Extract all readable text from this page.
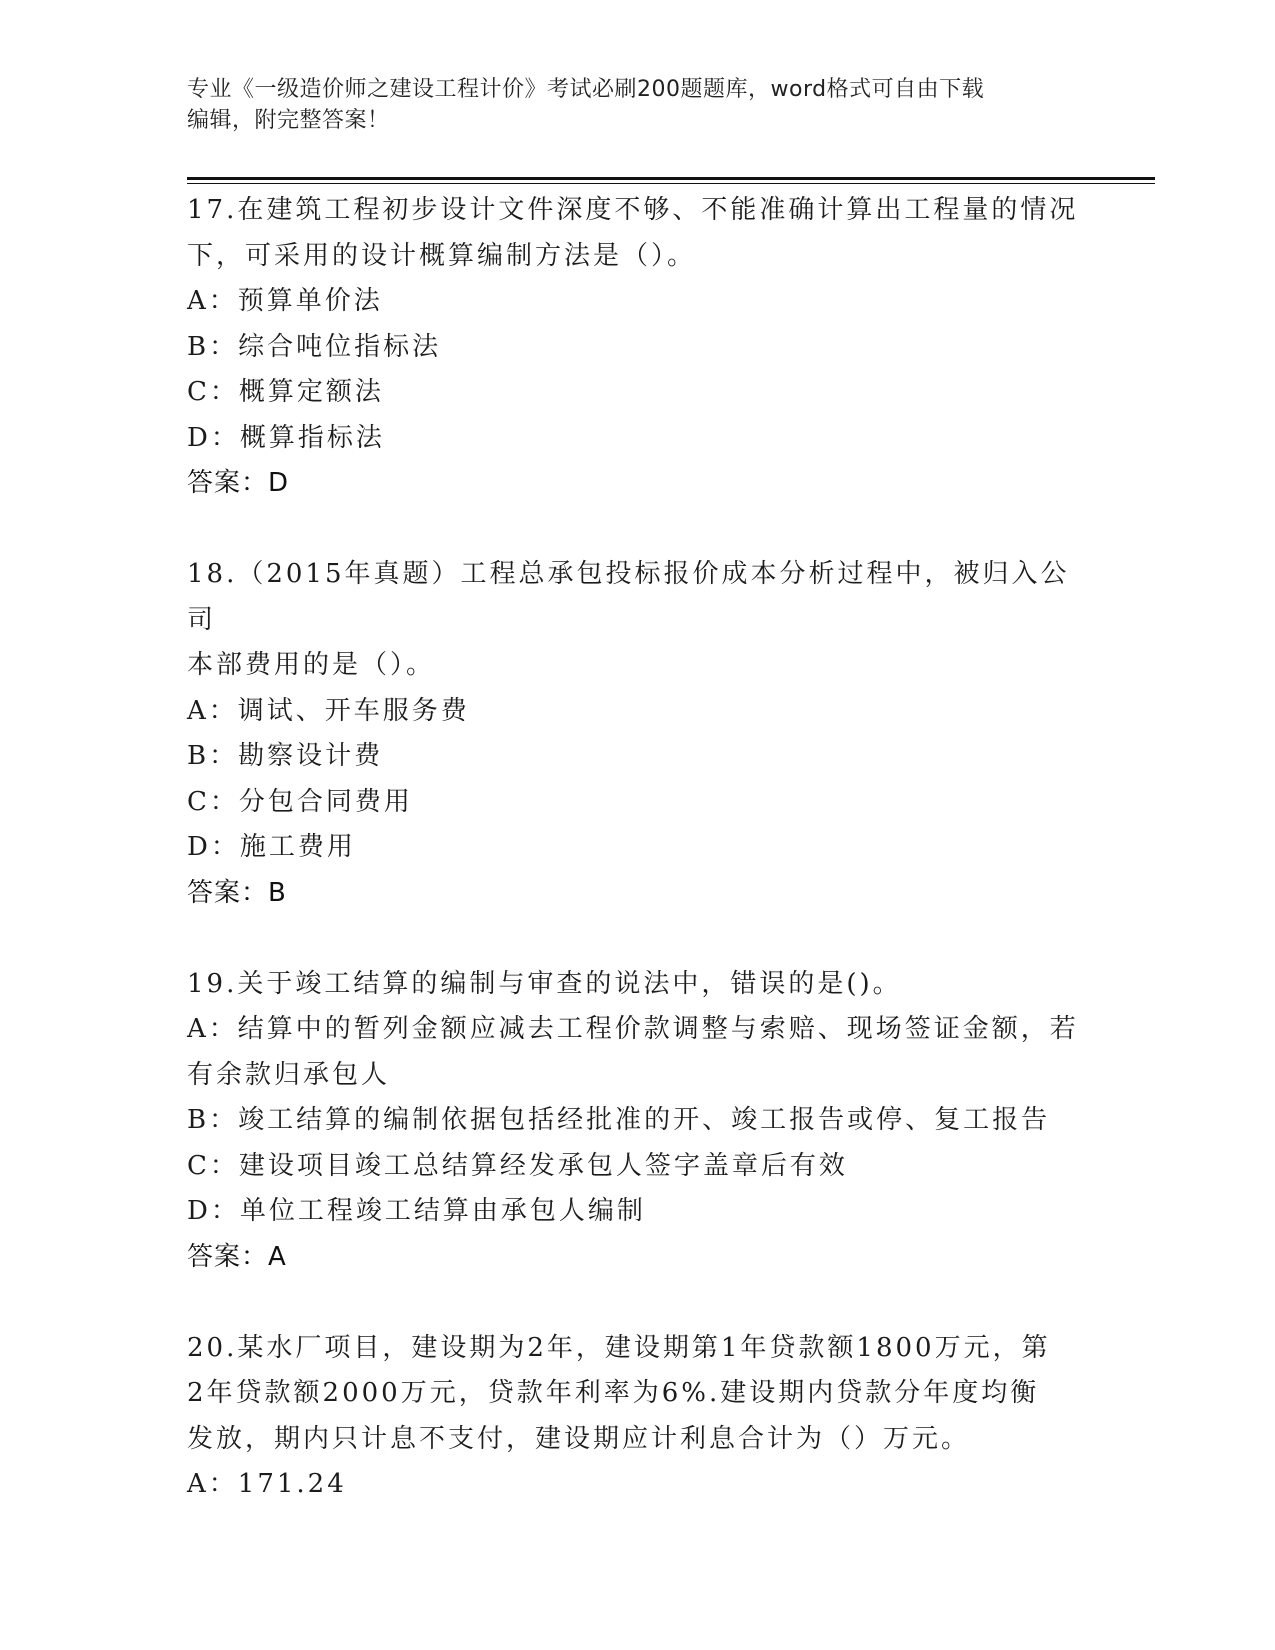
专业《一级造价师之建设工程计价》考试必刷200题题库，word格式可自由下载
编辑，附完整答案！
17.在建筑工程初步设计文件深度不够、不能准确计算出工程量的情况
下，可采用的设计概算编制方法是（）。
A：预算单价法
B：综合吨位指标法
C：概算定额法
D：概算指标法
答案：D
18.（2015年真题）工程总承包投标报价成本分析过程中，被归入公司
本部费用的是（）。
A：调试、开车服务费
B：勘察设计费
C：分包合同费用
D：施工费用
答案：B
19.关于竣工结算的编制与审查的说法中，错误的是()。
A：结算中的暂列金额应减去工程价款调整与索赔、现场签证金额，若
有余款归承包人
B：竣工结算的编制依据包括经批准的开、竣工报告或停、复工报告
C：建设项目竣工总结算经发承包人签字盖章后有效
D：单位工程竣工结算由承包人编制
答案：A
20.某水厂项目，建设期为2年，建设期第1年贷款额1800万元，第
2年贷款额2000万元，贷款年利率为6%.建设期内贷款分年度均衡
发放，期内只计息不支付，建设期应计利息合计为（）万元。
A：171.24
